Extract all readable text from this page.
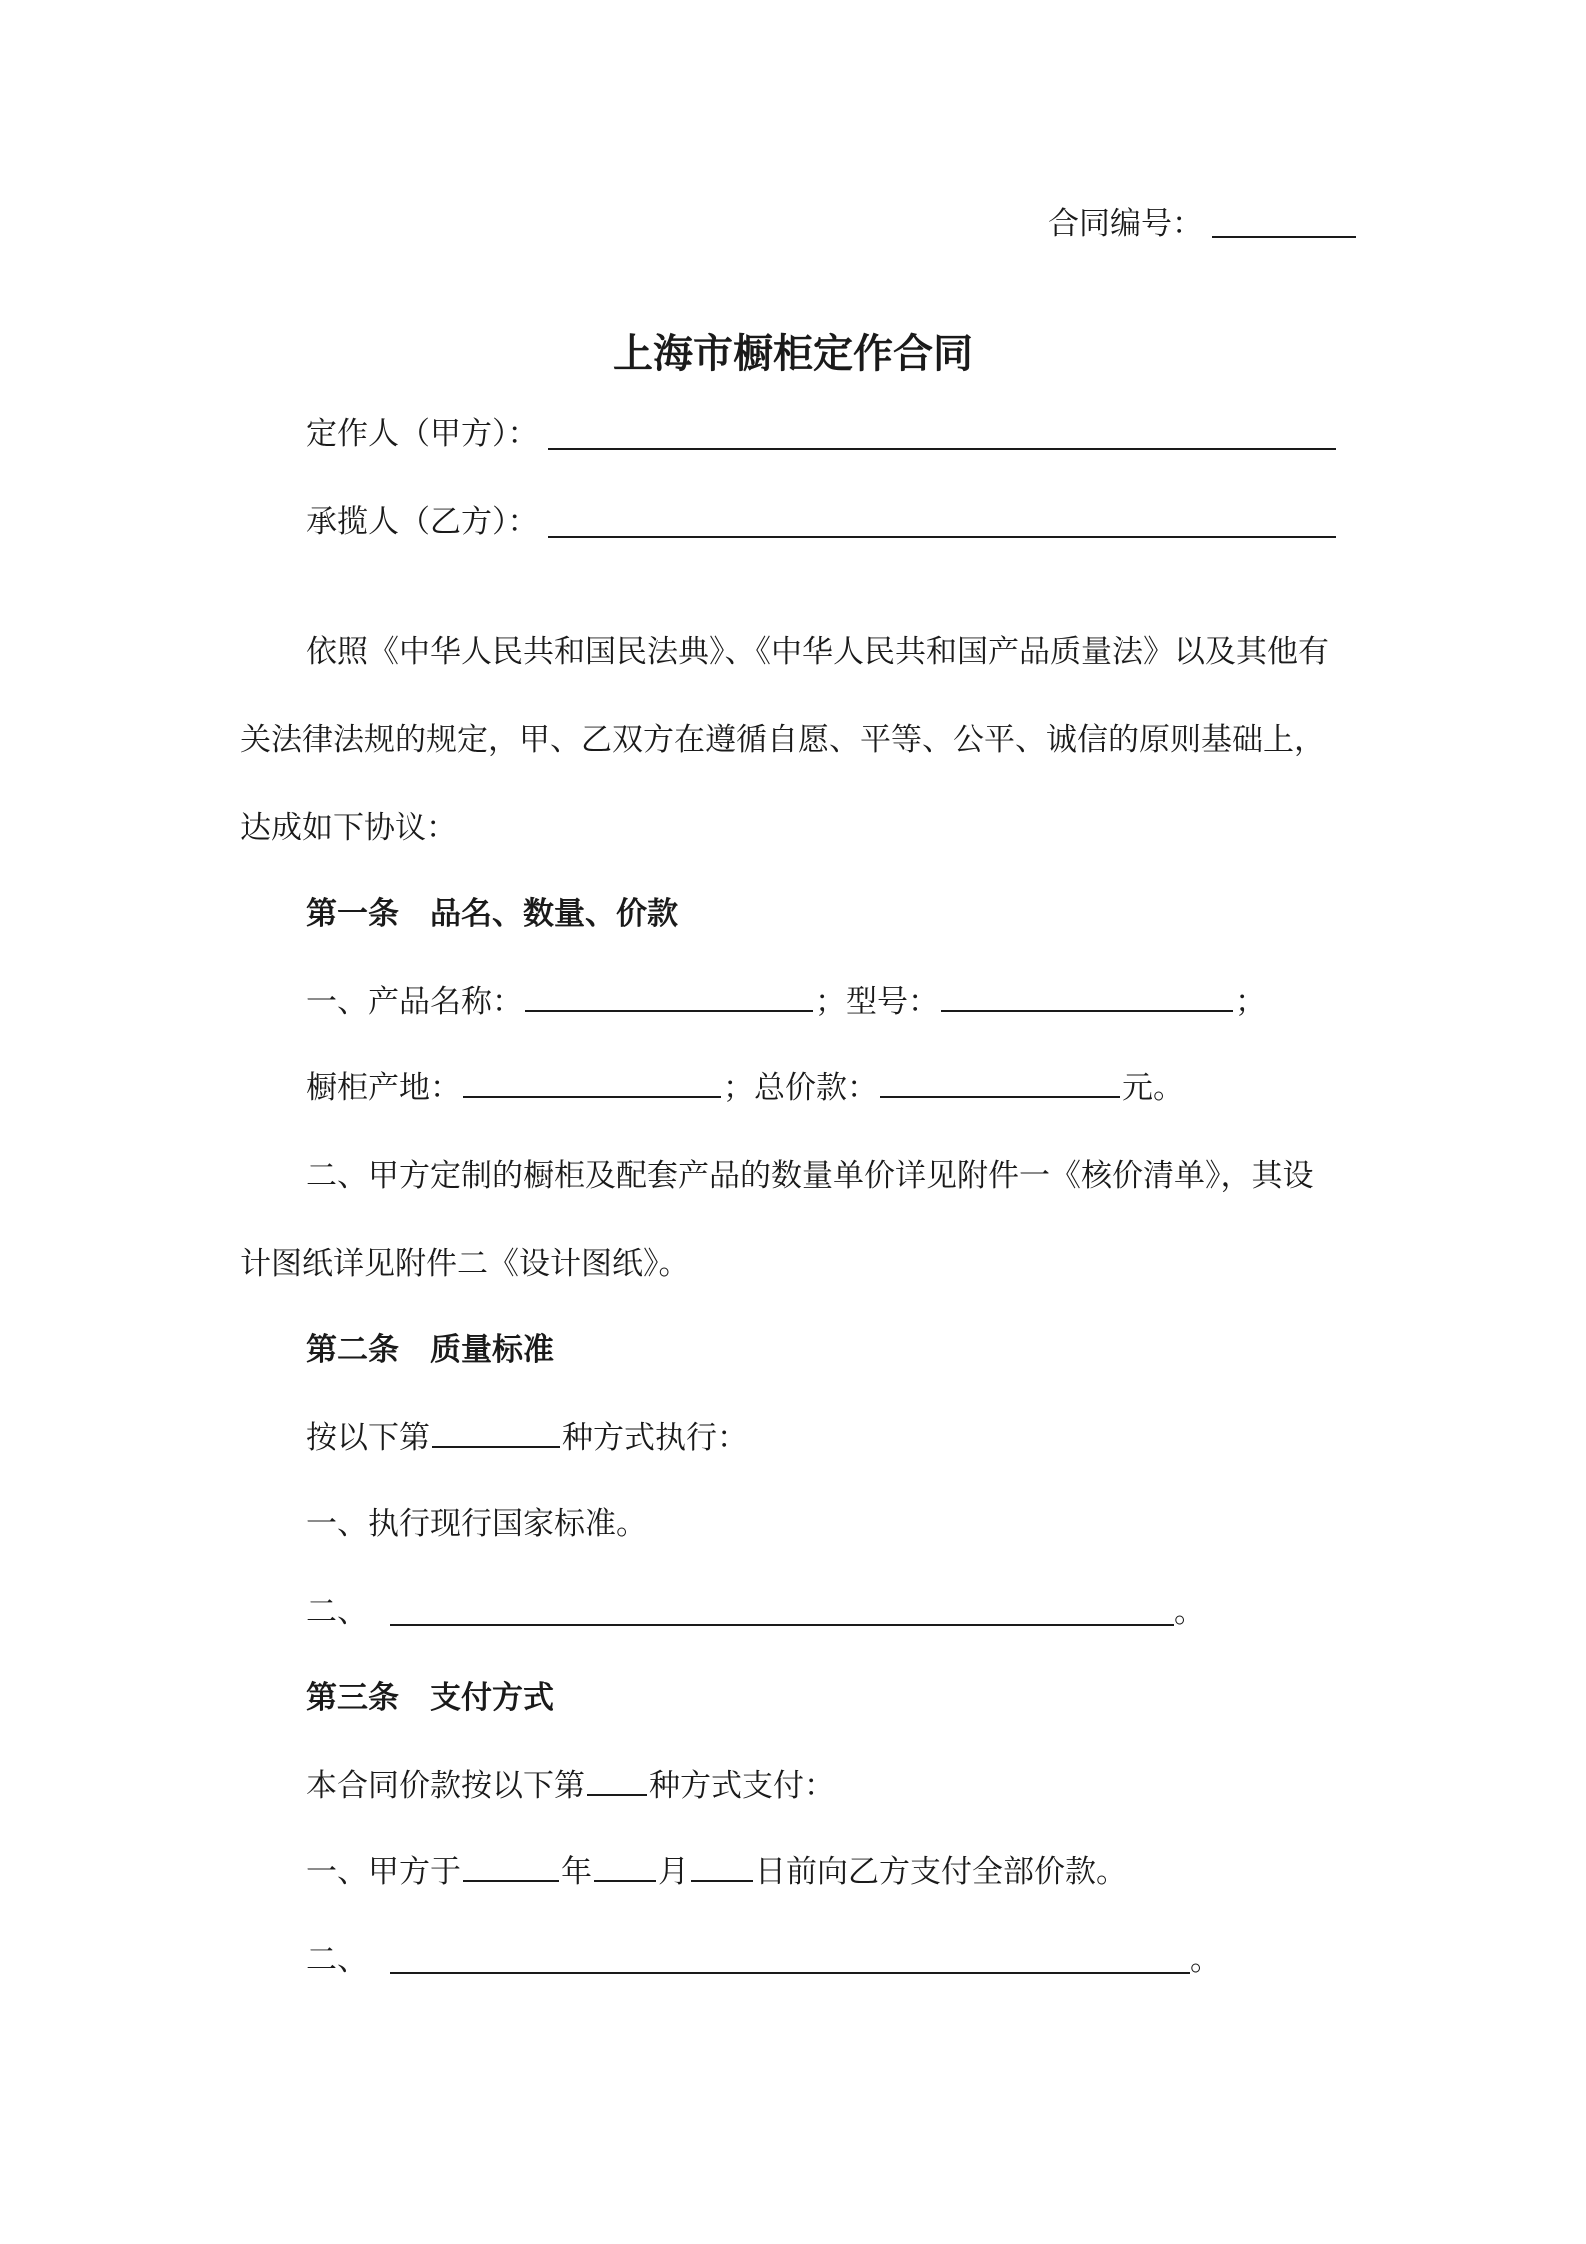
合同编号：
上海市橱柜定作合同
定作人（甲方）：
承揽人（乙方）：
依照《中华人民共和国民法典》、《中华人民共和国产品质量法》以及其他有
关法律法规的规定，甲、乙双方在遵循自愿、平等、公平、诚信的原则基础上，
达成如下协议：
第一条　品名、数量、价款
一、产品名称：	；型号：	；
橱柜产地：	；总价款：	元。
二、甲方定制的橱柜及配套产品的数量单价详见附件一《核价清单》，其设
计图纸详见附件二《设计图纸》。
第二条　质量标准
按以下第	种方式执行：
一、执行现行国家标准。
二、	。
第三条　支付方式
本合同价款按以下第 种方式支付：
一、甲方于	年 月 日前向乙方支付全部价款。
二、	。
